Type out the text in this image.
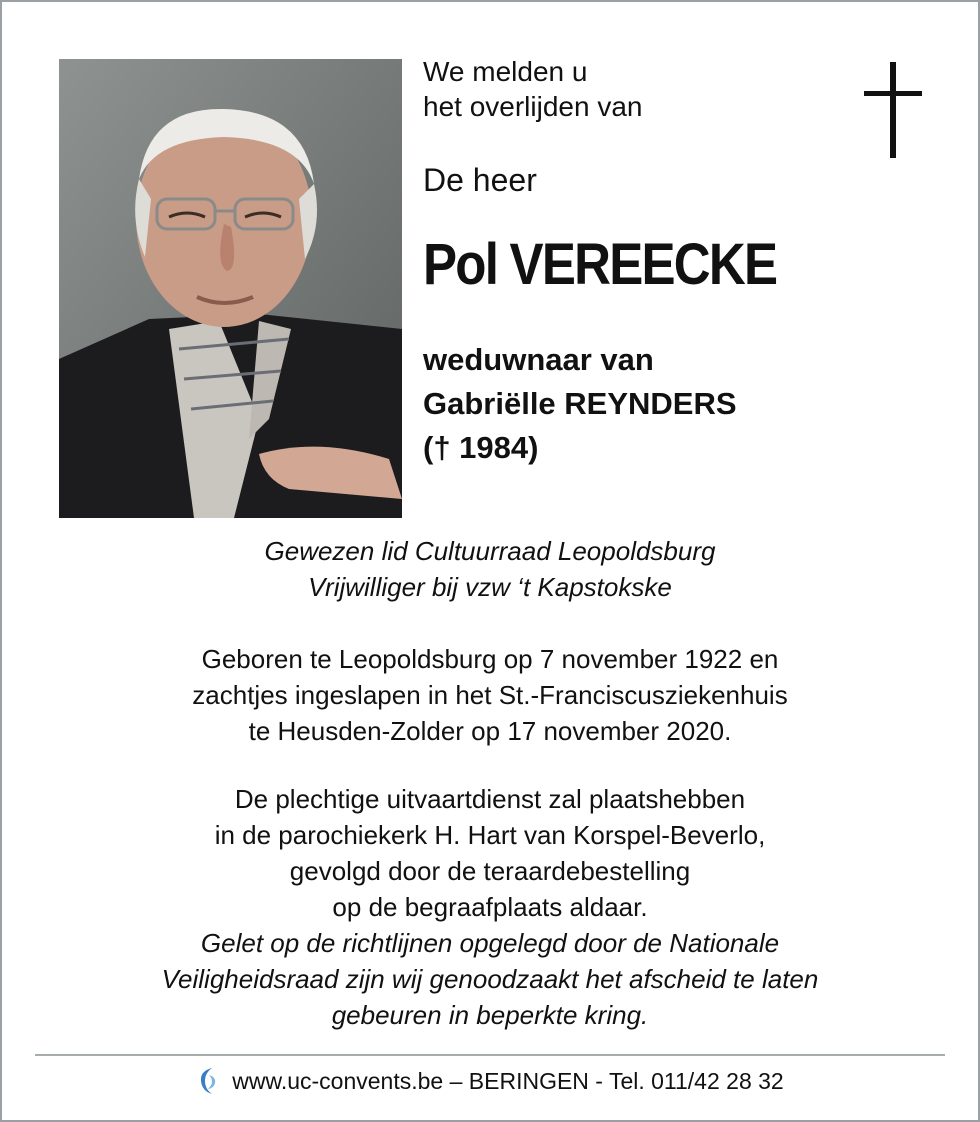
We melden u
het overlijden van
De heer
Pol VEREECKE
weduwnaar van
Gabriëlle REYNDERS
(† 1984)
Gewezen lid Cultuurraad Leopoldsburg
Vrijwilliger bij vzw ‘t Kapstokske
Geboren te Leopoldsburg op 7 november 1922 en
zachtjes ingeslapen in het St.-Franciscusziekenhuis
te Heusden-Zolder op 17 november 2020.
De plechtige uitvaartdienst zal plaatshebben
in de parochiekerk H. Hart van Korspel-Beverlo,
gevolgd door de teraardebestelling
op de begraafplaats aldaar.
Gelet op de richtlijnen opgelegd door de Nationale
Veiligheidsraad zijn wij genoodzaakt het afscheid te laten
gebeuren in beperkte kring.
www.uc-convents.be – BERINGEN - Tel. 011/42 28 32
